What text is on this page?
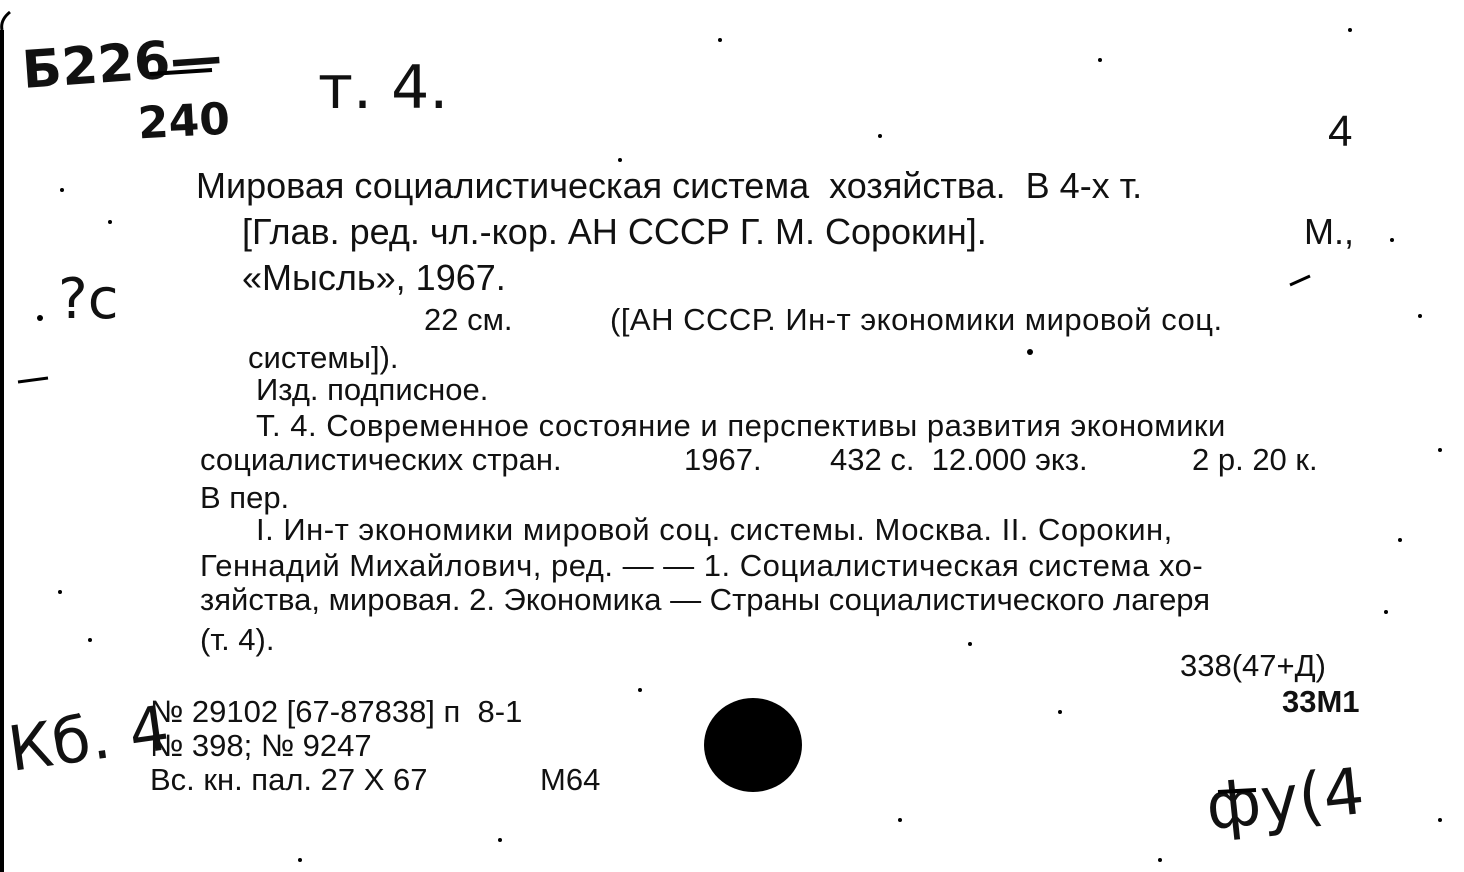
Б226—
240 т. 4.
?с
Кб. 4
фу(4
4
Мировая социалистическая система  хозяйства.  В 4-х т.
[Глав. ред. чл.-кор. АН СССР Г. М. Сорокин].	М.,
«Мысль», 1967.
22 см.	([АН СССР. Ин-т экономики мировой соц.
системы]).
Изд. подписное.
Т. 4. Современное состояние и перспективы развития экономики
социалистических стран.	1967. 432 с.  12.000 экз.	2 р. 20 к.
В пер.
I. Ин-т экономики мировой соц. системы. Москва. II. Сорокин,
Геннадий Михайлович, ред. — — 1. Социалистическая система хо-
зяйства, мировая. 2. Экономика — Страны социалистического лагеря
(т. 4).
338(47+Д)
33М1
№ 29102 [67-87838] п  8-1
№ 398; № 9247
Вс. кн. пал. 27 X 67	М64
